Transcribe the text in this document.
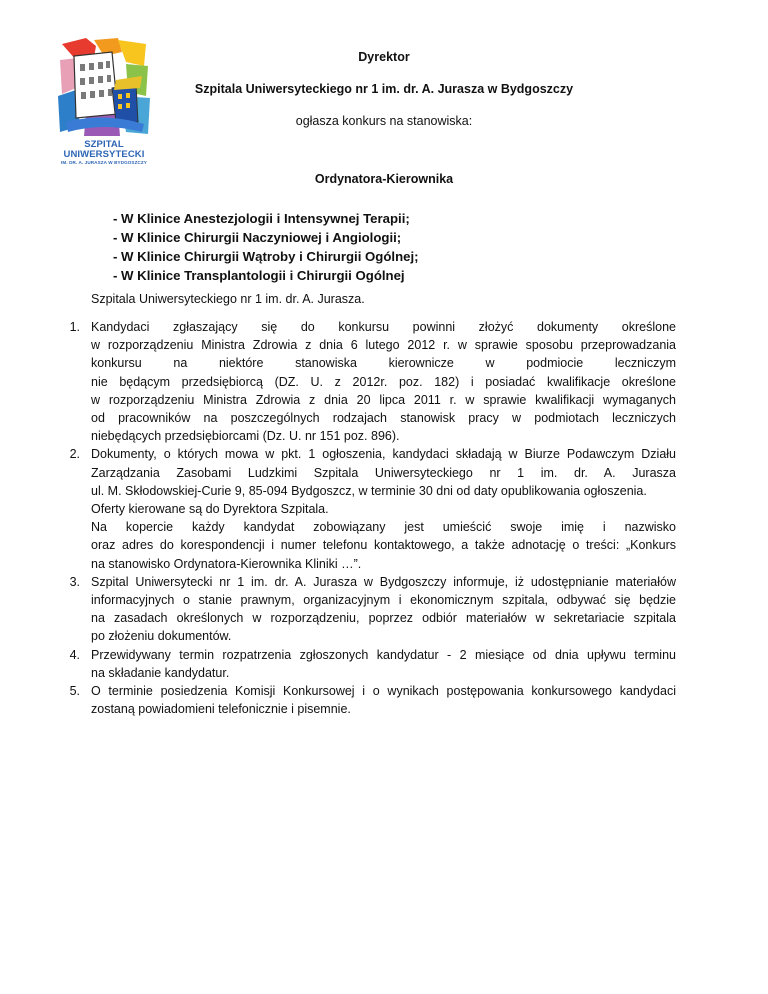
SZPITAL UNIWERSYTECKI
IM. DR. A. JURASZA W BYDGOSZCZY
Dyrektor
Szpitala Uniwersyteckiego nr 1 im. dr. A. Jurasza w Bydgoszczy
ogłasza konkurs na stanowiska:
Ordynatora-Kierownika
- W Klinice Anestezjologii i Intensywnej Terapii;
- W Klinice Chirurgii Naczyniowej i Angiologii;
- W Klinice Chirurgii Wątroby i Chirurgii Ogólnej;
- W Klinice Transplantologii i Chirurgii Ogólnej
Szpitala Uniwersyteckiego nr 1 im. dr. A. Jurasza.
1. Kandydaci zgłaszający się do konkursu powinni złożyć dokumenty określone

w rozporządzeniu Ministra Zdrowia z dnia 6 lutego 2012 r. w sprawie sposobu przeprowadzania

konkursu na niektóre stanowiska kierownicze w podmiocie leczniczym

nie będącym przedsiębiorcą (DZ. U. z 2012r. poz. 182) i posiadać kwalifikacje określone

w rozporządzeniu Ministra Zdrowia z dnia 20 lipca 2011 r. w sprawie kwalifikacji wymaganych

od pracowników na poszczególnych rodzajach stanowisk pracy w podmiotach leczniczych

niebędących przedsiębiorcami (Dz. U. nr 151 poz. 896).

2. Dokumenty, o których mowa w pkt. 1 ogłoszenia, kandydaci składają w Biurze Podawczym Działu

Zarządzania Zasobami Ludzkimi Szpitala Uniwersyteckiego nr 1 im. dr. A. Jurasza

ul. M. Skłodowskiej-Curie 9, 85-094 Bydgoszcz, w terminie 30 dni od daty opublikowania ogłoszenia.

Oferty kierowane są do Dyrektora Szpitala.

Na kopercie każdy kandydat zobowiązany jest umieścić swoje imię i nazwisko

oraz adres do korespondencji i numer telefonu kontaktowego, a także adnotację o treści: „Konkurs

na stanowisko Ordynatora-Kierownika Kliniki …”.

3. Szpital Uniwersytecki nr 1 im. dr. A. Jurasza w Bydgoszczy informuje, iż udostępnianie materiałów

informacyjnych o stanie prawnym, organizacyjnym i ekonomicznym szpitala, odbywać się będzie

na zasadach określonych w rozporządzeniu, poprzez odbiór materiałów w sekretariacie szpitala

po złożeniu dokumentów.

4. Przewidywany termin rozpatrzenia zgłoszonych kandydatur - 2 miesiące od dnia upływu terminu

na składanie kandydatur.

5. O terminie posiedzenia Komisji Konkursowej i o wynikach postępowania konkursowego kandydaci

zostaną powiadomieni telefonicznie i pisemnie.
